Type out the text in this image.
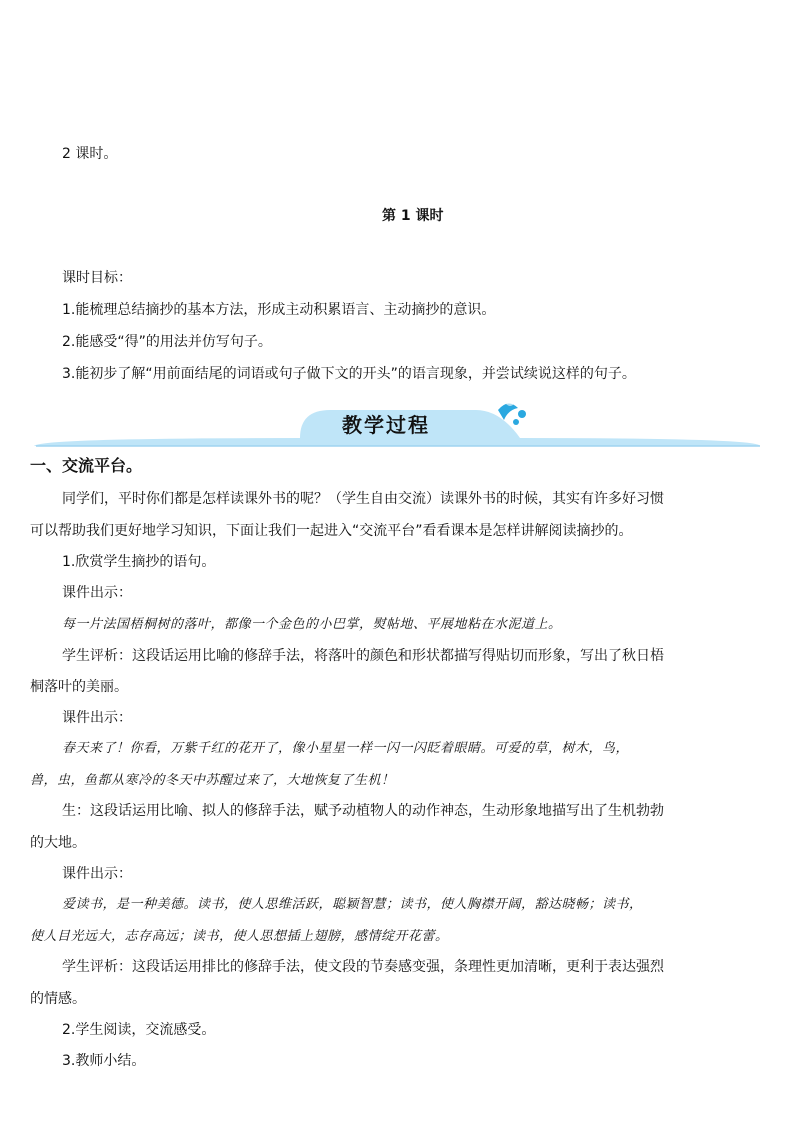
2 课时。
第 1 课时
课时目标：
1.能梳理总结摘抄的基本方法，形成主动积累语言、主动摘抄的意识。
2.能感受“得”的用法并仿写句子。
3.能初步了解“用前面结尾的词语或句子做下文的开头”的语言现象，并尝试续说这样的句子。
教学过程
一、交流平台。
同学们，平时你们都是怎样读课外书的呢？（学生自由交流）读课外书的时候，其实有许多好习惯
可以帮助我们更好地学习知识，下面让我们一起进入“交流平台”看看课本是怎样讲解阅读摘抄的。
1.欣赏学生摘抄的语句。
课件出示：
每一片法国梧桐树的落叶，都像一个金色的小巴掌，熨帖地、平展地粘在水泥道上。
学生评析：这段话运用比喻的修辞手法，将落叶的颜色和形状都描写得贴切而形象，写出了秋日梧
桐落叶的美丽。
课件出示：
春天来了！你看，万紫千红的花开了，像小星星一样一闪一闪眨着眼睛。可爱的草，树木，鸟，
兽，虫，鱼都从寒冷的冬天中苏醒过来了，大地恢复了生机！
生：这段话运用比喻、拟人的修辞手法，赋予动植物人的动作神态，生动形象地描写出了生机勃勃
的大地。
课件出示：
爱读书，是一种美德。读书，使人思维活跃，聪颖智慧；读书，使人胸襟开阔，豁达晓畅；读书，
使人目光远大，志存高远；读书，使人思想插上翅膀，感情绽开花蕾。
学生评析：这段话运用排比的修辞手法，使文段的节奏感变强，条理性更加清晰，更利于表达强烈
的情感。
2.学生阅读，交流感受。
3.教师小结。
